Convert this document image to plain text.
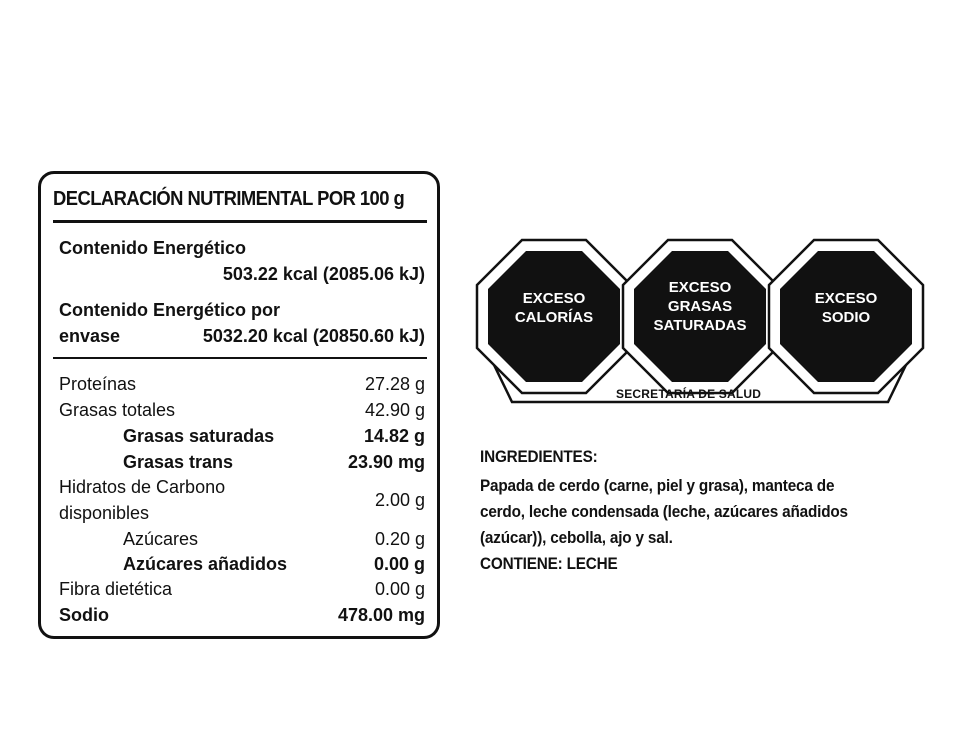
DECLARACIÓN NUTRIMENTAL POR 100 g
Contenido Energético
503.22 kcal (2085.06 kJ)
Contenido Energético por
envase	5032.20 kcal (20850.60 kJ)
Proteínas	27.28 g
Grasas totales	42.90 g
Grasas saturadas	14.82 g
Grasas trans	23.90 mg
Hidratos de Carbono
disponibles
2.00 g
Azúcares	0.20 g
Azúcares añadidos	0.00 g
Fibra dietética	0.00 g
Sodio	478.00 mg
EXCESO
CALORÍAS
EXCESO
GRASAS
SATURADAS
EXCESO
SODIO
SECRETARÍA DE SALUD
INGREDIENTES:
Papada de cerdo (carne, piel y grasa), manteca de
cerdo, leche condensada (leche, azúcares añadidos
(azúcar)), cebolla, ajo y sal.
CONTIENE: LECHE
